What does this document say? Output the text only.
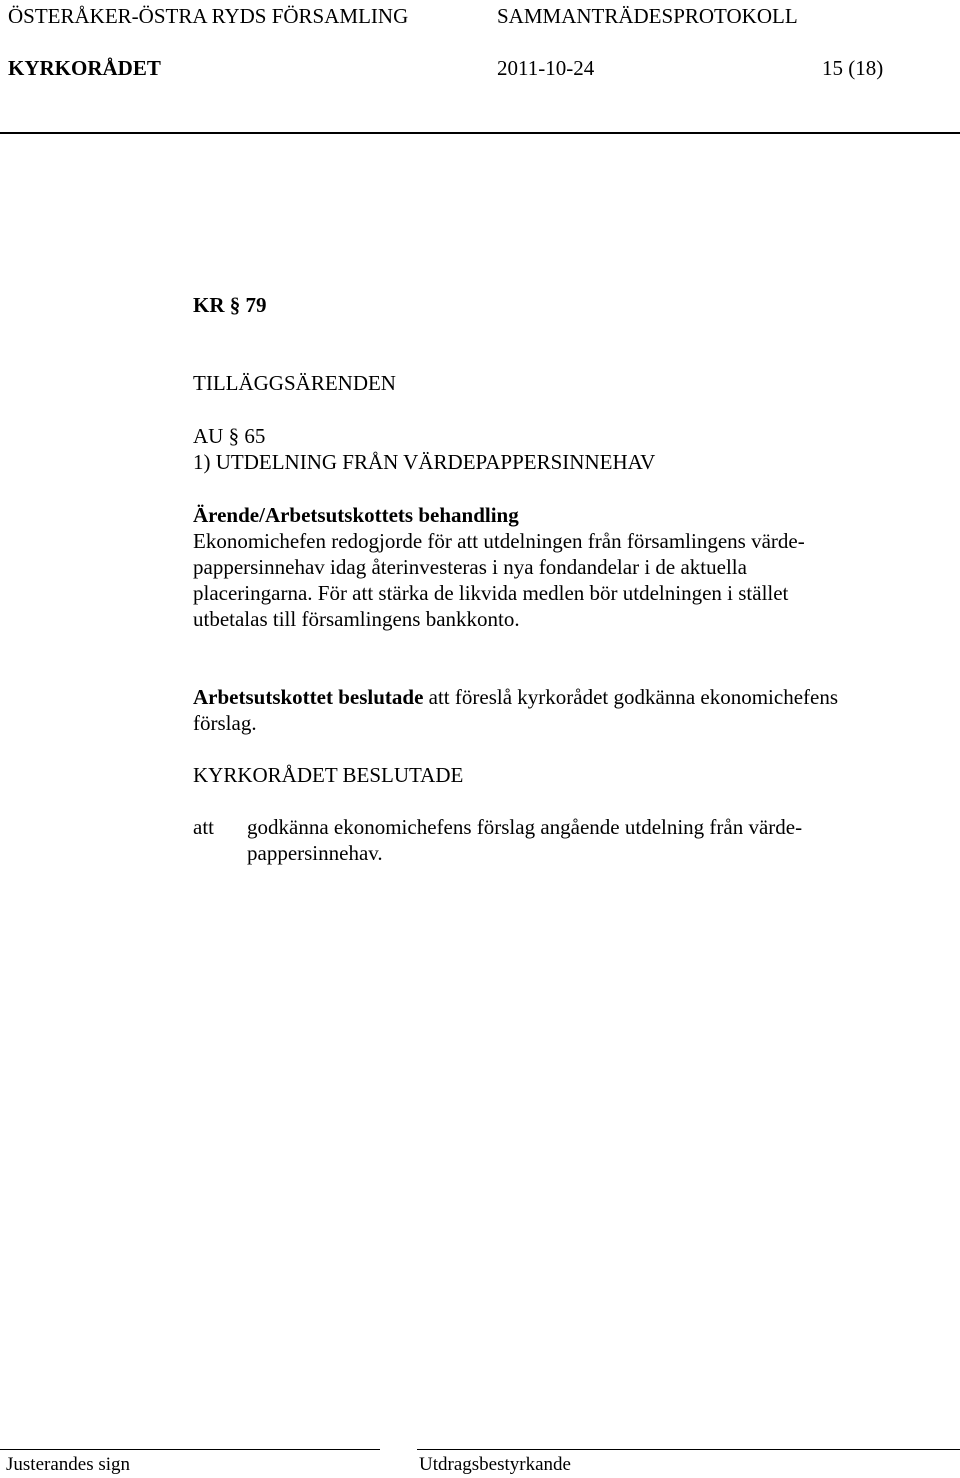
ÖSTERÅKER-ÖSTRA RYDS FÖRSAMLING	SAMMANTRÄDESPROTOKOLL
KYRKORÅDET	2011-10-24	15 (18)
KR § 79
TILLÄGGSÄRENDEN
AU § 65
1) UTDELNING FRÅN VÄRDEPAPPERSINNEHAV
Ärende/Arbetsutskottets behandling
Ekonomichefen redogjorde för att utdelningen från församlingens värde-
pappersinnehav idag återinvesteras i nya fondandelar i de aktuella
placeringarna. För att stärka de likvida medlen bör utdelningen i stället
utbetalas till församlingens bankkonto.
Arbetsutskottet beslutade att föreslå kyrkorådet godkänna ekonomichefens
förslag.
KYRKORÅDET BESLUTADE
att godkänna ekonomichefens förslag angående utdelning från värde-
pappersinnehav.
Justerandes sign	Utdragsbestyrkande
